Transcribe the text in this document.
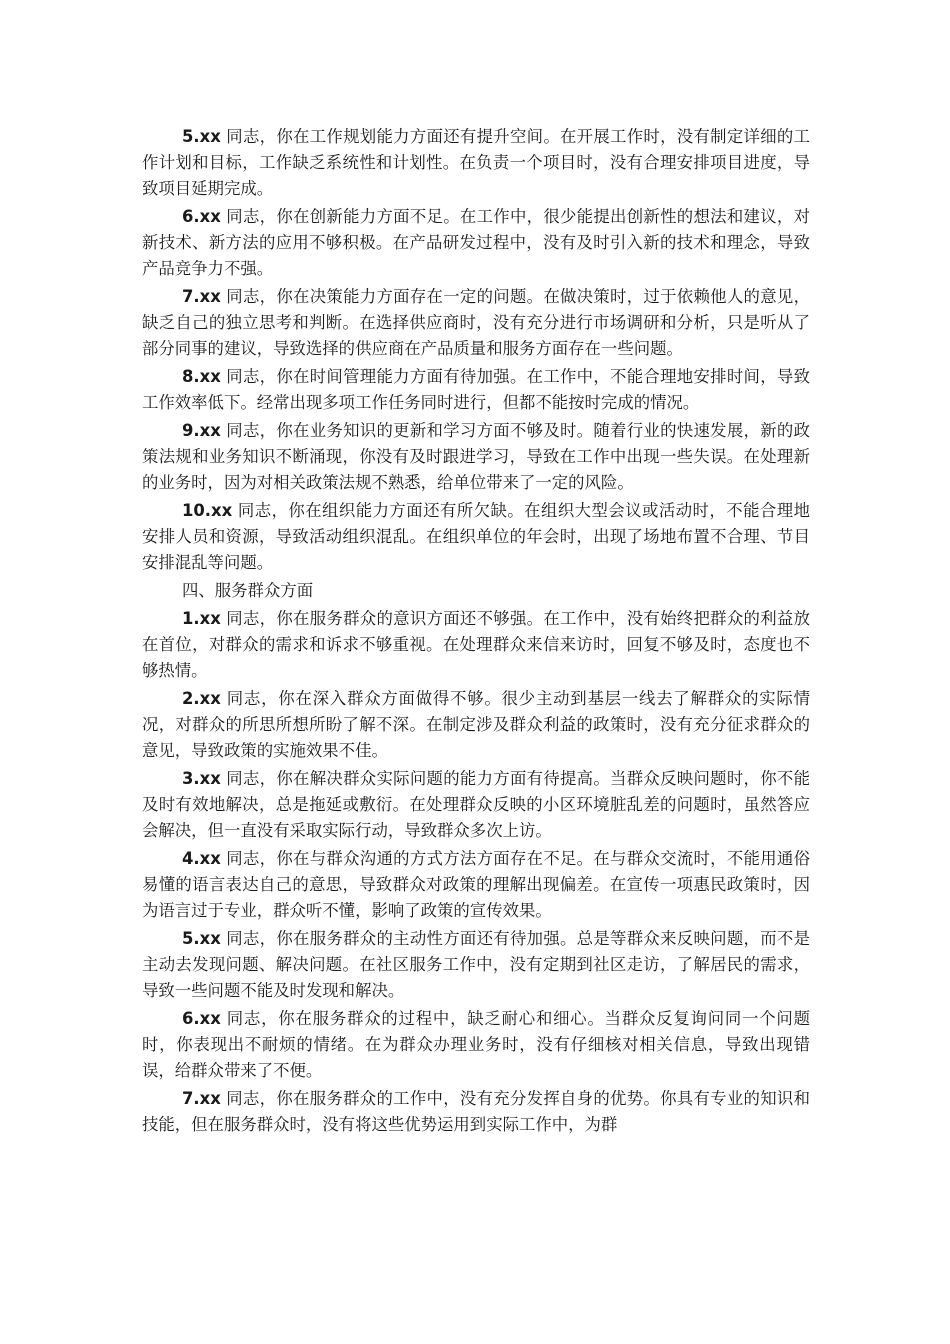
5.xx 同志，你在工作规划能力方面还有提升空间。在开展工作时，没有制定详细的工作计划和目标，工作缺乏系统性和计划性。在负责一个项目时，没有合理安排项目进度，导致项目延期完成。

6.xx 同志，你在创新能力方面不足。在工作中，很少能提出创新性的想法和建议，对新技术、新方法的应用不够积极。在产品研发过程中，没有及时引入新的技术和理念，导致产品竞争力不强。

7.xx 同志，你在决策能力方面存在一定的问题。在做决策时，过于依赖他人的意见，缺乏自己的独立思考和判断。在选择供应商时，没有充分进行市场调研和分析，只是听从了部分同事的建议，导致选择的供应商在产品质量和服务方面存在一些问题。

8.xx 同志，你在时间管理能力方面有待加强。在工作中，不能合理地安排时间，导致工作效率低下。经常出现多项工作任务同时进行，但都不能按时完成的情况。

9.xx 同志，你在业务知识的更新和学习方面不够及时。随着行业的快速发展，新的政策法规和业务知识不断涌现，你没有及时跟进学习，导致在工作中出现一些失误。在处理新的业务时，因为对相关政策法规不熟悉，给单位带来了一定的风险。

10.xx 同志，你在组织能力方面还有所欠缺。在组织大型会议或活动时，不能合理地安排人员和资源，导致活动组织混乱。在组织单位的年会时，出现了场地布置不合理、节目安排混乱等问题。

四、服务群众方面

1.xx 同志，你在服务群众的意识方面还不够强。在工作中，没有始终把群众的利益放在首位，对群众的需求和诉求不够重视。在处理群众来信来访时，回复不够及时，态度也不够热情。

2.xx 同志，你在深入群众方面做得不够。很少主动到基层一线去了解群众的实际情况，对群众的所思所想所盼了解不深。在制定涉及群众利益的政策时，没有充分征求群众的意见，导致政策的实施效果不佳。

3.xx 同志，你在解决群众实际问题的能力方面有待提高。当群众反映问题时，你不能及时有效地解决，总是拖延或敷衍。在处理群众反映的小区环境脏乱差的问题时，虽然答应会解决，但一直没有采取实际行动，导致群众多次上访。

4.xx 同志，你在与群众沟通的方式方法方面存在不足。在与群众交流时，不能用通俗易懂的语言表达自己的意思，导致群众对政策的理解出现偏差。在宣传一项惠民政策时，因为语言过于专业，群众听不懂，影响了政策的宣传效果。

5.xx 同志，你在服务群众的主动性方面还有待加强。总是等群众来反映问题，而不是主动去发现问题、解决问题。在社区服务工作中，没有定期到社区走访，了解居民的需求，导致一些问题不能及时发现和解决。

6.xx 同志，你在服务群众的过程中，缺乏耐心和细心。当群众反复询问同一个问题时，你表现出不耐烦的情绪。在为群众办理业务时，没有仔细核对相关信息，导致出现错误，给群众带来了不便。

7.xx 同志，你在服务群众的工作中，没有充分发挥自身的优势。你具有专业的知识和技能，但在服务群众时，没有将这些优势运用到实际工作中，为群
